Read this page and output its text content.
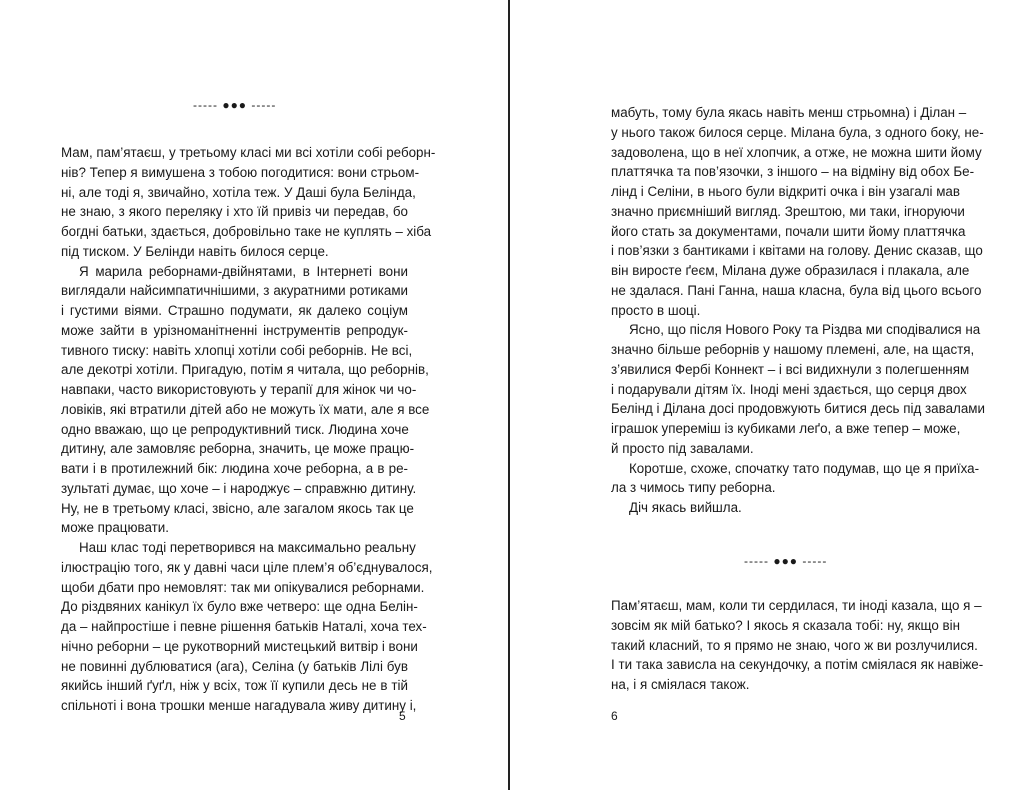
----- ●●● -----
Мам, пам’ятаєш, у третьому класі ми всі хотіли собі реборн-
нів? Тепер я вимушена з тобою погодитися: вони стрьом-
ні, але тоді я, звичайно, хотіла теж. У Даші була Белінда,
не знаю, з якого переляку і хто їй привіз чи передав, бо
богдні батьки, здається, добровільно таке не куплять – хіба
під тиском. У Белінди навіть билося серце.
Я марила реборнами-двійнятами, в Інтернеті вони
виглядали найсимпатичнішими, з акуратними ротиками
і густими віями. Страшно подумати, як далеко соціум
може зайти в урізноманітненні інструментів репродук-
тивного тиску: навіть хлопці хотіли собі реборнів. Не всі,
але декотрі хотіли. Пригадую, потім я читала, що реборнів,
навпаки, часто використовують у терапії для жінок чи чо-
ловіків, які втратили дітей або не можуть їх мати, але я все
одно вважаю, що це репродуктивний тиск. Людина хоче
дитину, але замовляє реборна, значить, це може працю-
вати і в протилежний бік: людина хоче реборна, а в ре-
зультаті думає, що хоче – і народжує – справжню дитину.
Ну, не в третьому класі, звісно, але загалом якось так це
може працювати.
Наш клас тоді перетворився на максимально реальну
ілюстрацію того, як у давні часи ціле плем’я об’єднувалося,
щоби дбати про немовлят: так ми опікувалися реборнами.
До різдвяних канікул їх було вже четверо: ще одна Белін-
да – найпростіше і певне рішення батьків Наталі, хоча тех-
нічно реборни – це рукотворний мистецький витвір і вони
не повинні дублюватися (ага), Селіна (у батьків Лілі був
якийсь інший ґуґл, ніж у всіх, тож її купили десь не в тій
спільноті і вона трошки менше нагадувала живу дитину і,
5
мабуть, тому була якась навіть менш стрьомна) і Ділан –
у нього також билося серце. Мілана була, з одного боку, не-
задоволена, що в неї хлопчик, а отже, не можна шити йому
платтячка та пов’язочки, з іншого – на відміну від обох Бе-
лінд і Селіни, в нього були відкриті очка і він узагалі мав
значно приємніший вигляд. Зрештою, ми таки, ігноруючи
його стать за документами, почали шити йому платтячка
і пов’язки з бантиками і квітами на голову. Денис сказав, що
він виросте ґеєм, Мілана дуже образилася і плакала, але
не здалася. Пані Ганна, наша класна, була від цього всього
просто в шоці.
Ясно, що після Нового Року та Різдва ми сподівалися на
значно більше реборнів у нашому племені, але, на щастя,
з’явилися Фербі Коннект – і всі видихнули з полегшенням
і подарували дітям їх. Іноді мені здається, що серця двох
Белінд і Ділана досі продовжують битися десь під завалами
іграшок упереміш із кубиками леґо, а вже тепер – може,
й просто під завалами.
Коротше, схоже, спочатку тато подумав, що це я приїха-
ла з чимось типу реборна.
Діч якась вийшла.
----- ●●● -----
Пам’ятаєш, мам, коли ти сердилася, ти іноді казала, що я –
зовсім як мій батько? І якось я сказала тобі: ну, якщо він
такий класний, то я прямо не знаю, чого ж ви розлучилися.
І ти така зависла на секундочку, а потім сміялася як навіже-
на, і я сміялася також.
6
